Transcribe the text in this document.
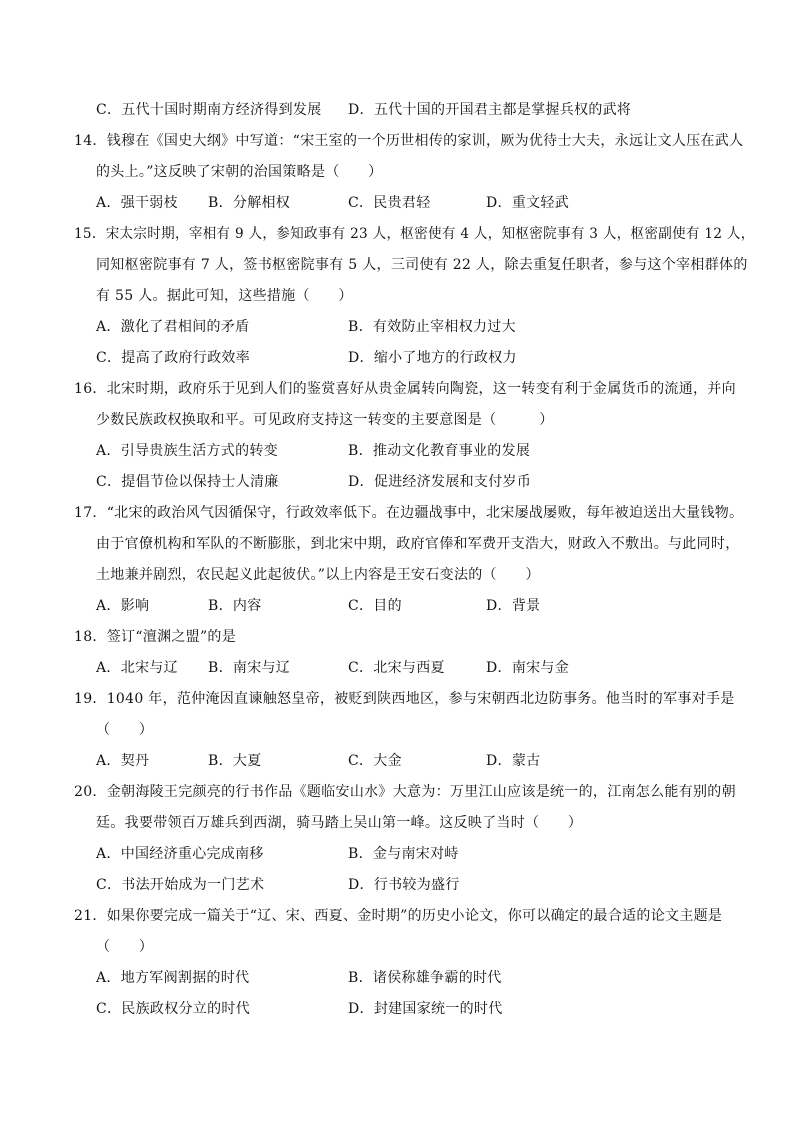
C．五代十国时期南方经济得到发展 D．五代十国的开国君主都是掌握兵权的武将
14．钱穆在《国史大纲》中写道：“宋王室的一个历世相传的家训，厥为优待士大夫，永远让文人压在武人
的头上。”这反映了宋朝的治国策略是（　　）
A．强干弱枝 B．分解相权	C．民贵君轻	D．重文轻武
15．宋太宗时期，宰相有 9 人，参知政事有 23 人，枢密使有 4 人，知枢密院事有 3 人，枢密副使有 12 人，
同知枢密院事有 7 人，签书枢密院事有 5 人，三司使有 22 人，除去重复任职者，参与这个宰相群体的
有 55 人。据此可知，这些措施（　　）
A．激化了君相间的矛盾	B．有效防止宰相权力过大
C．提高了政府行政效率	D．缩小了地方的行政权力
16．北宋时期，政府乐于见到人们的鉴赏喜好从贵金属转向陶瓷，这一转变有利于金属货币的流通，并向
少数民族政权换取和平。可见政府支持这一转变的主要意图是（　　　）
A．引导贵族生活方式的转变	B．推动文化教育事业的发展
C．提倡节俭以保持士人清廉	D．促进经济发展和支付岁币
17．“北宋的政治风气因循保守，行政效率低下。在边疆战事中，北宋屡战屡败，每年被迫送出大量钱物。
由于官僚机构和军队的不断膨胀，到北宋中期，政府官俸和军费开支浩大，财政入不敷出。与此同时，
土地兼并剧烈，农民起义此起彼伏。”以上内容是王安石变法的（　　）
A．影响	B．内容	C．目的	D．背景
18．签订“澶渊之盟”的是
A．北宋与辽 B．南宋与辽	C．北宋与西夏	D．南宋与金
19．1040 年，范仲淹因直谏触怒皇帝，被贬到陕西地区，参与宋朝西北边防事务。他当时的军事对手是
（　　）
A．契丹	B．大夏	C．大金	D．蒙古
20．金朝海陵王完颜亮的行书作品《题临安山水》大意为：万里江山应该是统一的，江南怎么能有别的朝
廷。我要带领百万雄兵到西湖，骑马踏上吴山第一峰。这反映了当时（　　）
A．中国经济重心完成南移	B．金与南宋对峙
C．书法开始成为一门艺术	D．行书较为盛行
21．如果你要完成一篇关于“辽、宋、西夏、金时期”的历史小论文，你可以确定的最合适的论文主题是
（　　）
A．地方军阀割据的时代	B．诸侯称雄争霸的时代
C．民族政权分立的时代	D．封建国家统一的时代
